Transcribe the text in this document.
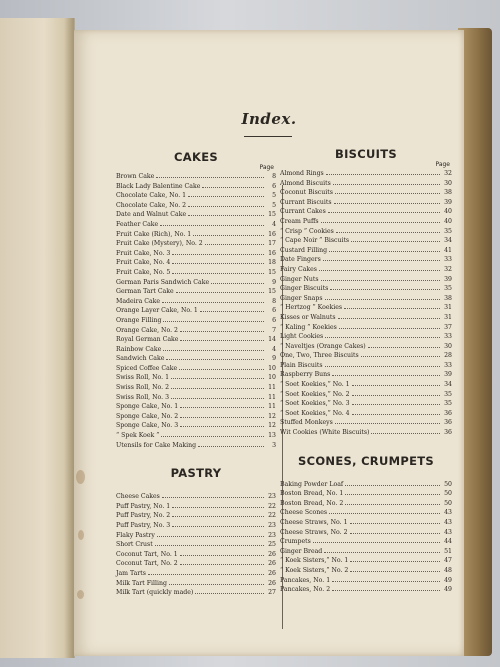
Index.
CAKES
Page
Brown Cake	8
Black Lady Balentine Cake	6
Chocolate Cake, No. 1	5
Chocolate Cake, No. 2	5
Date and Walnut Cake	15
Feather Cake	4
Fruit Cake (Rich), No. 1	16
Fruit Cake (Mystery), No. 2	17
Fruit Cake, No. 3	16
Fruit Cake, No. 4	18
Fruit Cake, No. 5	15
German Paris Sandwich Cake	9
German Tart Cake	15
Madeira Cake	8
Orange Layer Cake, No. 1	6
Orange Filling	6
Orange Cake, No. 2	7
Royal German Cake	14
Rainbow Cake	4
Sandwich Cake	9
Spiced Coffee Cake	10
Swiss Roll, No. 1	10
Swiss Roll, No. 2	11
Swiss Roll, No. 3	11
Sponge Cake, No. 1	11
Sponge Cake, No. 2	12
Sponge Cake, No. 3	12
“ Spek Koek ”	13
Utensils for Cake Making	3
PASTRY
Cheese Cakes	23
Puff Pastry, No. 1	22
Puff Pastry, No. 2	22
Puff Pastry, No. 3	23
Flaky Pastry	23
Short Crust	25
Coconut Tart, No. 1	26
Coconut Tart, No. 2	26
Jam Tarts	26
Milk Tart Filling	26
Milk Tart (quickly made)	27
BISCUITS
Page
Almond Rings	32
Almond Biscuits	30
Coconut Biscuits	38
Currant Biscuits	39
Currant Cakes	40
Cream Puffs	40
“ Crisp ” Cookies	35
“ Cape Noir ” Biscuits	34
Custard Filling	41
Date Fingers	33
Fairy Cakes	32
Ginger Nuts	39
Ginger Biscuits	35
Ginger Snaps	38
“ Hertzog ” Koekies	31
Kisses or Walnuts	31
“ Kaling ” Koekies	37
Light Cookies	33
“ Naveltjes (Orange Cakes)	30
One, Two, Three Biscuits	28
Plain Biscuits	33
Raspberry Buns	39
“ Soet Koekies,” No. 1	34
“ Soet Koekies,” No. 2	35
“ Soet Koekies,” No. 3	35
“ Soet Koekies,” No. 4	36
Stuffed Monkeys	36
Wit Cookies (White Biscuits)	36
SCONES, CRUMPETS
Baking Powder Loaf	50
Boston Bread, No. 1	50
Boston Bread, No. 2	50
Cheese Scones	43
Cheese Straws, No. 1	43
Cheese Straws, No. 2	43
Crumpets	44
Ginger Bread	51
“ Koek Sisters,” No. 1	47
“ Koek Sisters,” No. 2	48
Pancakes, No. 1	49
Pancakes, No. 2	49
